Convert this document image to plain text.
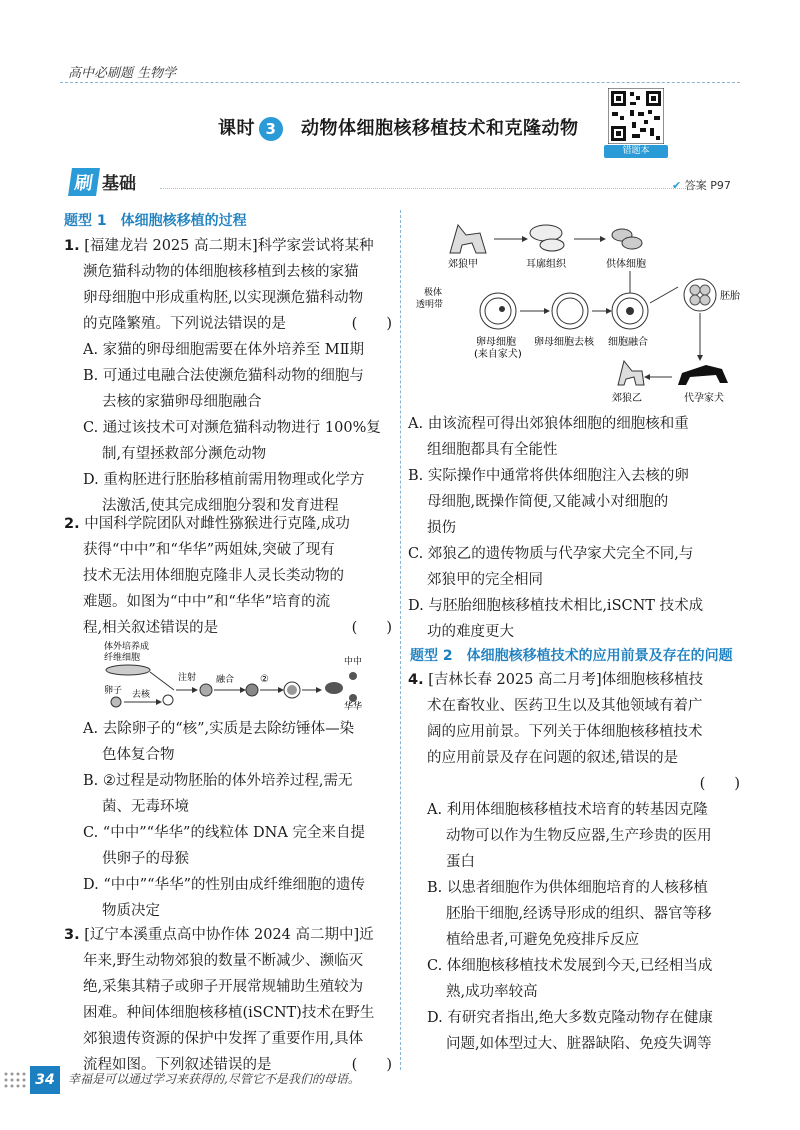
高中必刷题 生物学
课时 3 动物体细胞核移植技术和克隆动物
错题本
刷 基础	✔ 答案 P97
题型 1　 体细胞核移植的过程
1. [福建龙岩 2025 高二期末]科学家尝试将某种
濒危猫科动物的体细胞核移植到去核的家猫
卵母细胞中形成重构胚,以实现濒危猫科动物
的克隆繁殖。下列说法错误的是	(　　)
A. 家猫的卵母细胞需要在体外培养至 MⅡ期
B. 可通过电融合法使濒危猫科动物的细胞与
去核的家猫卵母细胞融合
C. 通过该技术可对濒危猫科动物进行 100%复
制,有望拯救部分濒危动物
D. 重构胚进行胚胎移植前需用物理或化学方
法激活,使其完成细胞分裂和发育进程
2. 中国科学院团队对雌性猕猴进行克隆,成功
获得“中中”和“华华”两姐妹,突破了现有
技术无法用体细胞克隆非人灵长类动物的
难题。如图为“中中”和“华华”培育的流
程,相关叙述错误的是	(　　)
体外培养成
纤维细胞
卵子 去核
注射 融合	②
中中
华华
A. 去除卵子的“核”,实质是去除纺锤体—染
色体复合物
B. ②过程是动物胚胎的体外培养过程,需无
菌、无毒环境
C. “中中”“华华”的线粒体 DNA 完全来自提
供卵子的母猴
D. “中中”“华华”的性别由成纤维细胞的遗传
物质决定
3. [辽宁本溪重点高中协作体 2024 高二期中]近
年来,野生动物郊狼的数量不断减少、濒临灭
绝,采集其精子或卵子开展常规辅助生殖较为
困难。种间体细胞核移植(iSCNT)技术在野生
郊狼遗传资源的保护中发挥了重要作用,具体
流程如图。下列叙述错误的是	(　　)
郊狼甲	耳廓组织	供体细胞
胚胎
极体
透明带
卵母细胞
(来自家犬)
卵母细胞去核 细胞融合
代孕家犬
郊狼乙
A. 由该流程可得出郊狼体细胞的细胞核和重
组细胞都具有全能性
B. 实际操作中通常将供体细胞注入去核的卵
母细胞,既操作简便,又能减小对细胞的
损伤
C. 郊狼乙的遗传物质与代孕家犬完全不同,与
郊狼甲的完全相同
D. 与胚胎细胞核移植技术相比,iSCNT 技术成
功的难度更大
题型 2　 体细胞核移植技术的应用前景及存在的问题
4. [吉林长春 2025 高二月考]体细胞核移植技
术在畜牧业、医药卫生以及其他领域有着广
阔的应用前景。下列关于体细胞核移植技术
的应用前景及存在问题的叙述,错误的是
(　　)
A. 利用体细胞核移植技术培育的转基因克隆
动物可以作为生物反应器,生产珍贵的医用
蛋白
B. 以患者细胞作为供体细胞培育的人核移植
胚胎干细胞,经诱导形成的组织、器官等移
植给患者,可避免免疫排斥反应
C. 体细胞核移植技术发展到今天,已经相当成
熟,成功率较高
D. 有研究者指出,绝大多数克隆动物存在健康
问题,如体型过大、脏器缺陷、免疫失调等
34	幸福是可以通过学习来获得的,尽管它不是我们的母语。
